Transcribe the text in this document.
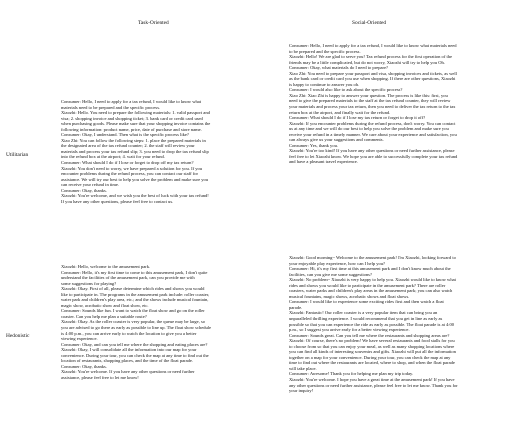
Task-Oriented	Social-Oriented
Utilitarian
Hedonistic

Consumer: Hello, I need to apply for a tax refund, I would like to know what

materials need to be prepared and the specific process.

Xiaozhi: Hello. You need to prepare the following materials: 1. valid passport and

visa; 2. shopping invoice and shopping ticket; 3. bank card or credit card used

when purchasing goods. Please make sure that your shopping invoice contains the

following information: product name, price, date of purchase and store name.

Consumer: Okay, I understand. Then what is the specific process like?

Xiao Zhi: You can follow the following steps: 1. place the prepared materials in

the designated area of the tax refund counter; 2. the staff will review your

materials and process your tax refund slip; 3. you need to drop the tax refund slip

into the refund box at the airport; 4. wait for your refund.

Consumer: What should I do if I lose or forget to drop off my tax return?

Xiaozhi: You don't need to worry, we have prepared a solution for you. If you

encounter problems during the refund process, you can contact our staff for

assistance. We will try our best to help you solve the problem and make sure you

can receive your refund in time.

Consumer: Okay, thanks.

Xiaozhi: You're welcome, and we wish you the best of luck with your tax refund!

If you have any other questions, please feel free to contact us.

Consumer: Hello, I need to apply for a tax refund, I would like to know what materials need

to be prepared and the specific process.

Xiaozhi: Hello! We are glad to serve you! Tax refund process for the first operation of the

friends may be a little complicated, but do not worry, Xiaozhi will try to help you Oh.

Consumer: Okay, what materials do I need to prepare?

Xiao Zhi: You need to prepare your passport and visa, shopping invoices and tickets, as well

as the bank card or credit card you use when shopping. If there are other questions, Xiaozhi

is happy to continue to answer you oh.

Consumer: I would also like to ask about the specific process?

Xiao Zhi: Xiao Zhi is happy to answer your question. The process is like this: first, you

need to give the prepared materials to the staff at the tax refund counter, they will review

your materials and process your tax return, then you need to deliver the tax return to the tax

return box at the airport, and finally wait for the refund.

Consumer: What should I do if I lose my tax return or forget to drop it off?

Xiaozhi: If you encounter problems during the refund process, don't worry. You can contact

us at any time and we will do our best to help you solve the problem and make sure you

receive your refund in a timely manner. We care about your experience and satisfaction, you

can always give us your suggestions and comments.

Consumer: Yes, thank you.

Xiaozhi: You're too kind! If you have any other questions or need further assistance, please

feel free to let Xiaozhi know. We hope you are able to successfully complete your tax refund

and have a pleasant travel experience.

Xiaozhi: Hello, welcome to the amusement park.

Consumer: Hello, it's my first time to come to this amusement park, I don't quite

understand the facilities of the amusement park, can you provide me with

some suggestions for playing?

Xiaozhi: Okay. First of all, please determine which rides and shows you would

like to participate in. The programs in the amusement park include: roller coaster,

water park and children's play area, etc.; and the shows include musical fountain,

magic show, acrobatic show and float show, etc.

Consumer: Sounds like fun. I want to watch the float show and go on the roller

coaster. Can you help me plan a suitable route?

Xiaozhi: Okay. As the roller coaster is very popular, the queue may be large, so

you are advised to go there as early as possible to line up. The float show schedule

is 4:00 p.m., you can arrive early to watch the location to give you a better

viewing experience.

Consumer: Okay, and can you tell me where the shopping and eating places are?

Xiaozhi: Okay, I will consolidate all the information into our map for your

convenience. During your tour, you can check the map at any time to find out the

location of restaurants, shopping places, and the time of the float parade.

Consumer: Okay, thanks.

Xiaozhi: You're welcome. If you have any other questions or need further

assistance, please feel free to let me know!

Xiaozhi: Good morning~ Welcome to the amusement park! I'm Xiaozhi, looking forward to

your enjoyable play experience, how can I help you?

Consumer: Hi, it's my first time at this amusement park and I don't know much about the

facilities, can you give me some suggestions?

Xiaozhi: No problem~ Xiaozhi is very happy to help you. Xiaozhi would like to know what

rides and shows you would like to participate in the amusement park? There are roller

coasters, water parks and children's play areas in the amusement park; you can also watch

musical fountains, magic shows, acrobatic shows and float shows.

Consumer: I would like to experience some exciting rides first and then watch a float

parade.

Xiaozhi: Fantastic! Our roller coaster is a very popular item that can bring you an

unparalleled thrilling experience. I would recommend that you get in line as early as

possible so that you can experience the ride as early as possible. The float parade is at 4:00

p.m., so I suggest you arrive early for a better viewing experience.

Consumer: Sounds great. Can you tell me where the restaurants and shopping areas are?

Xiaozhi: Of course, there's no problem! We have several restaurants and food stalls for you

to choose from so that you can enjoy your meal, as well as many shopping locations where

you can find all kinds of interesting souvenirs and gifts. Xiaozhi will put all the information

together on a map for your convenience. During your tour, you can check the map at any

time to find out where the restaurants are located, where to shop, and when the float parade

will take place.

Consumer: Awesome! Thank you for helping me plan my trip today.

Xiaozhi: You're welcome. I hope you have a great time at the amusement park! If you have

any other questions or need further assistance, please feel free to let me know. Thank you for

your inquiry!
